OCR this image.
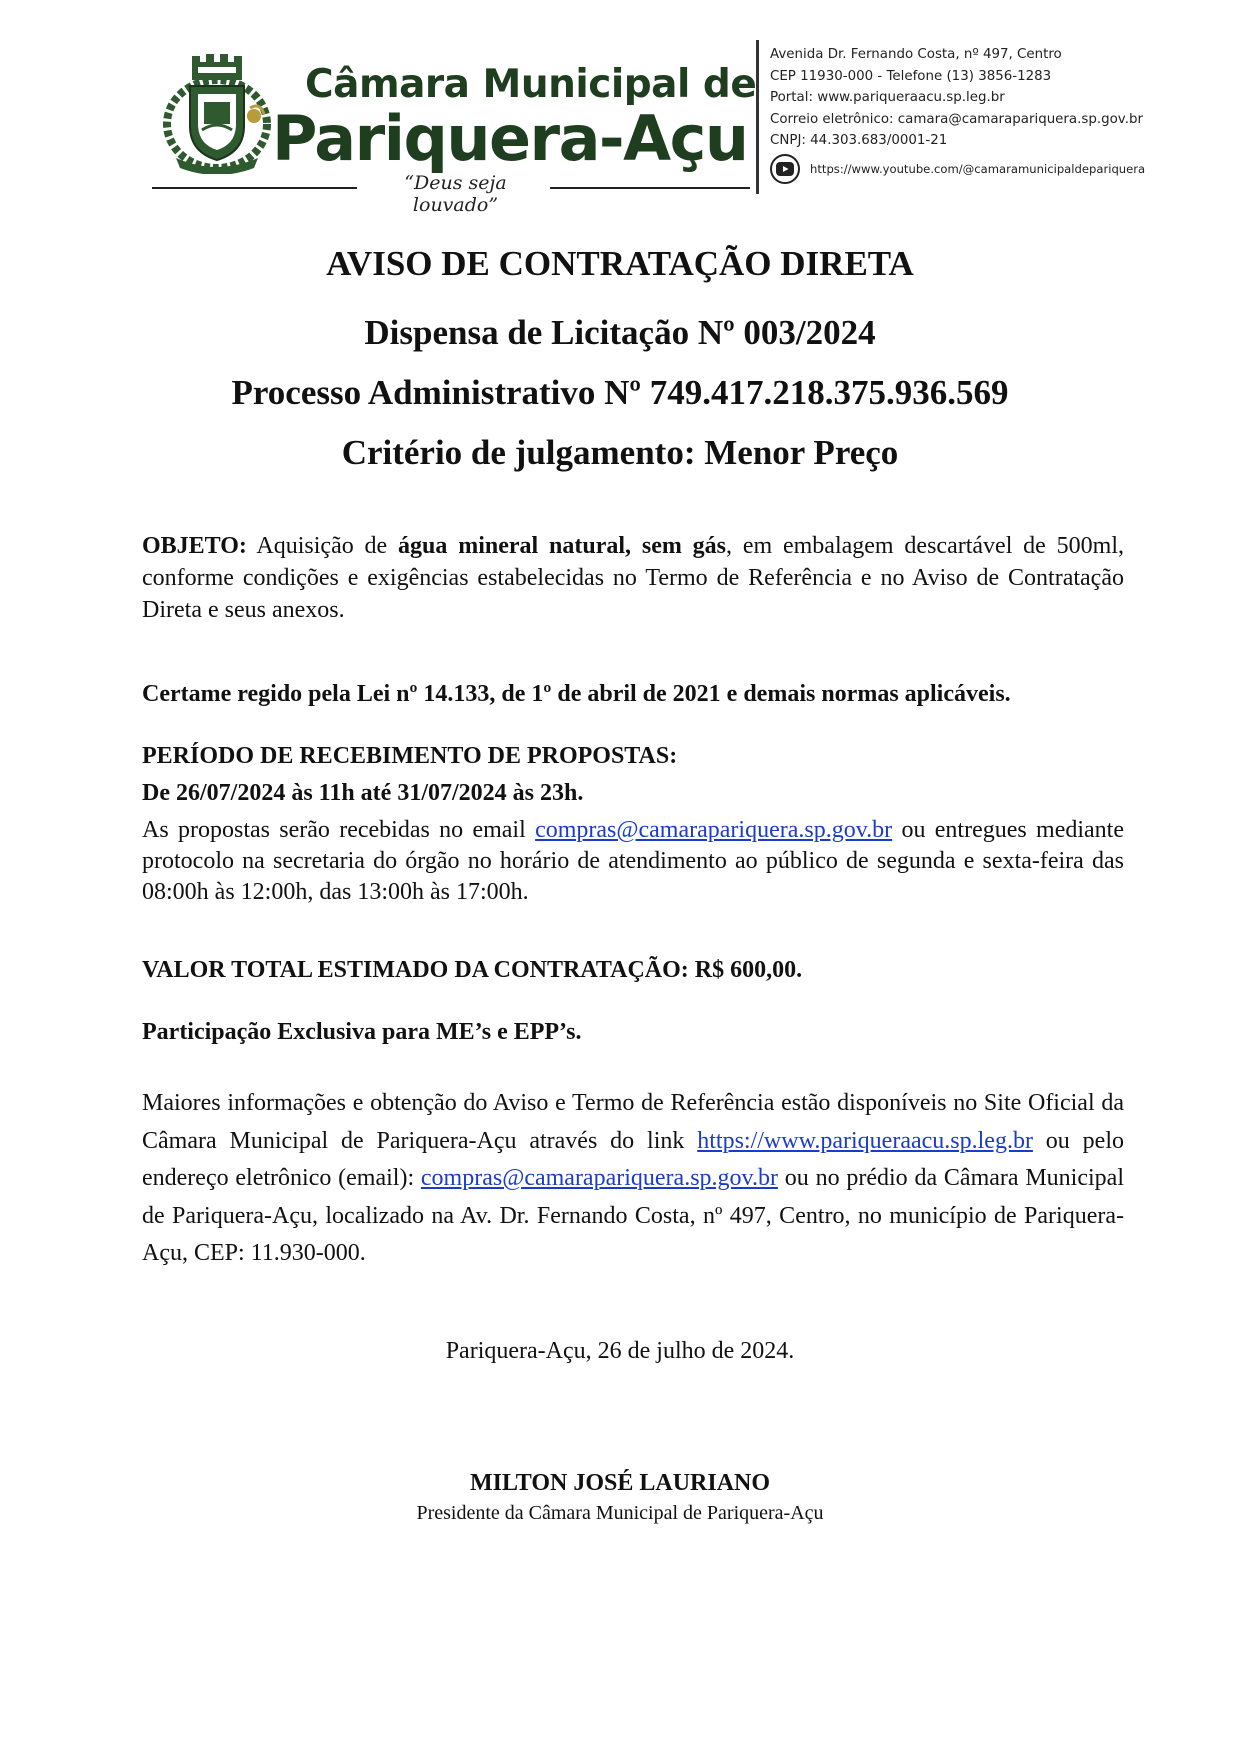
Câmara Municipal de
Pariquera-Açu
“Deus seja louvado”
Avenida Dr. Fernando Costa, nº 497, Centro
CEP 11930-000 - Telefone (13) 3856-1283
Portal: www.pariqueraacu.sp.leg.br
Correio eletrônico: camara@camarapariquera.sp.gov.br
CNPJ: 44.303.683/0001-21
https://www.youtube.com/@camaramunicipaldepariquera
AVISO DE CONTRATAÇÃO DIRETA
Dispensa de Licitação Nº 003/2024
Processo Administrativo Nº 749.417.218.375.936.569
Critério de julgamento: Menor Preço
OBJETO: Aquisição de água mineral natural, sem gás, em embalagem descartável de 500ml, conforme condições e exigências estabelecidas no Termo de Referência e no Aviso de Contratação Direta e seus anexos.
Certame regido pela Lei nº 14.133, de 1º de abril de 2021 e demais normas aplicáveis.
PERÍODO DE RECEBIMENTO DE PROPOSTAS:
De 26/07/2024 às 11h até 31/07/2024 às 23h.
As propostas serão recebidas no email compras@camarapariquera.sp.gov.br ou entregues mediante protocolo na secretaria do órgão no horário de atendimento ao público de segunda e sexta-feira das 08:00h às 12:00h, das 13:00h às 17:00h.
VALOR TOTAL ESTIMADO DA CONTRATAÇÃO: R$ 600,00.
Participação Exclusiva para ME’s e EPP’s.
Maiores informações e obtenção do Aviso e Termo de Referência estão disponíveis no Site Oficial da Câmara Municipal de Pariquera-Açu através do link https://www.pariqueraacu.sp.leg.br ou pelo endereço eletrônico (email): compras@camarapariquera.sp.gov.br ou no prédio da Câmara Municipal de Pariquera-Açu, localizado na Av. Dr. Fernando Costa, nº 497, Centro, no município de Pariquera-Açu, CEP: 11.930-000.
Pariquera-Açu, 26 de julho de 2024.
MILTON JOSÉ LAURIANO
Presidente da Câmara Municipal de Pariquera-Açu
